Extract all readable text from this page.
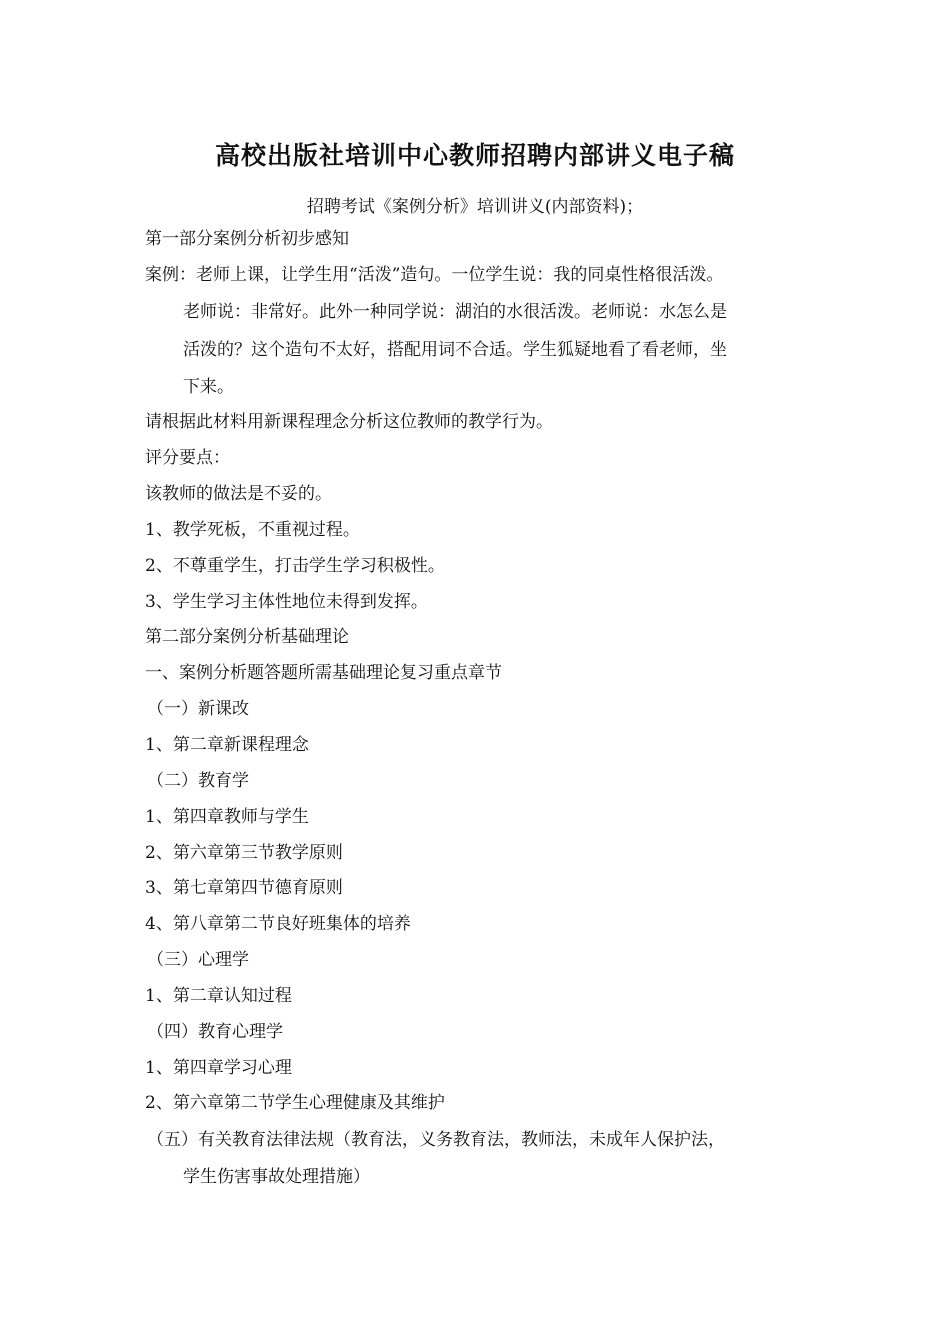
高校出版社培训中心教师招聘内部讲义电子稿
招聘考试《案例分析》培训讲义(内部资料)；
第一部分案例分析初步感知
案例：老师上课，让学生用“活泼”造句。一位学生说：我的同桌性格很活泼。
老师说：非常好。此外一种同学说：湖泊的水很活泼。老师说：水怎么是
活泼的？这个造句不太好，搭配用词不合适。学生狐疑地看了看老师，坐
下来。
请根据此材料用新课程理念分析这位教师的教学行为。
评分要点：
该教师的做法是不妥的。
1、教学死板，不重视过程。
2、不尊重学生，打击学生学习积极性。
3、学生学习主体性地位未得到发挥。
第二部分案例分析基础理论
一、案例分析题答题所需基础理论复习重点章节
（一）新课改
1、第二章新课程理念
（二）教育学
1、第四章教师与学生
2、第六章第三节教学原则
3、第七章第四节德育原则
4、第八章第二节良好班集体的培养
（三）心理学
1、第二章认知过程
（四）教育心理学
1、第四章学习心理
2、第六章第二节学生心理健康及其维护
（五）有关教育法律法规（教育法，义务教育法，教师法，未成年人保护法，
学生伤害事故处理措施）
